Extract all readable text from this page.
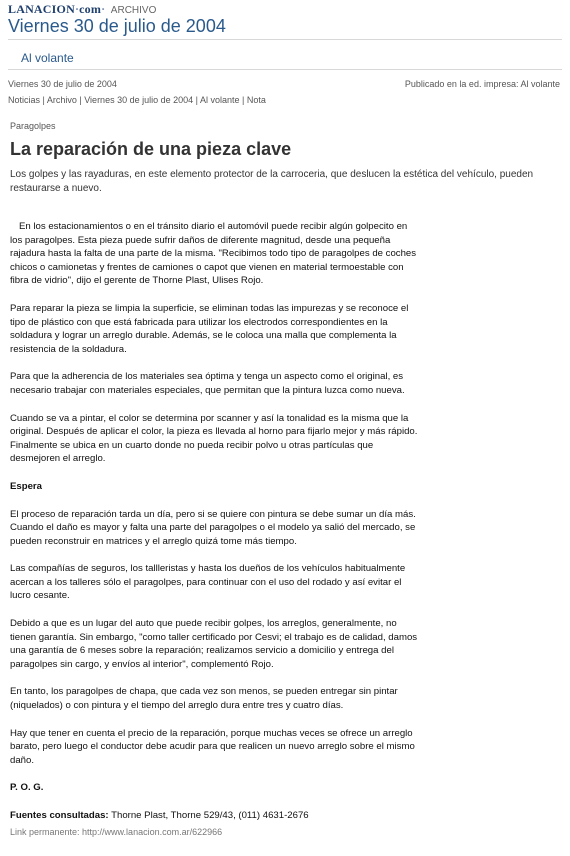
LANACION·com· ARCHIVO
Viernes 30 de julio de 2004
Al volante
Viernes 30 de julio de 2004	Publicado en la ed. impresa: Al volante
Noticias | Archivo | Viernes 30 de julio de 2004 | Al volante | Nota
Paragolpes
La reparación de una pieza clave

Los golpes y las rayaduras, en este elemento protector de la carroceria, que deslucen la estética del vehículo, pueden restaurarse a nuevo.

En los estacionamientos o en el tránsito diario el automóvil puede recibir algún golpecito en los paragolpes. Esta pieza puede sufrir daños de diferente magnitud, desde una pequeña rajadura hasta la falta de una parte de la misma. "Recibimos todo tipo de paragolpes de coches chicos o camionetas y frentes de camiones o capot que vienen en material termoestable con fibra de vidrio", dijo el gerente de Thorne Plast, Ulises Rojo.

Para reparar la pieza se limpia la superficie, se eliminan todas las impurezas y se reconoce el tipo de plástico con que está fabricada para utilizar los electrodos correspondientes en la soldadura y lograr un arreglo durable. Además, se le coloca una malla que complementa la resistencia de la soldadura.

Para que la adherencia de los materiales sea óptima y tenga un aspecto como el original, es necesario trabajar con materiales especiales, que permitan que la pintura luzca como nueva.

Cuando se va a pintar, el color se determina por scanner y así la tonalidad es la misma que la original. Después de aplicar el color, la pieza es llevada al horno para fijarlo mejor y más rápido. Finalmente se ubica en un cuarto donde no pueda recibir polvo u otras partículas que desmejoren el arreglo.

Espera

El proceso de reparación tarda un día, pero si se quiere con pintura se debe sumar un día más. Cuando el daño es mayor y falta una parte del paragolpes o el modelo ya salió del mercado, se pueden reconstruir en matrices y el arreglo quizá tome más tiempo.

Las compañías de seguros, los tallleristas y hasta los dueños de los vehículos habitualmente acercan a los talleres sólo el paragolpes, para continuar con el uso del rodado y así evitar el lucro cesante.

Debido a que es un lugar del auto que puede recibir golpes, los arreglos, generalmente, no tienen garantía. Sin embargo, "como taller certificado por Cesvi; el trabajo es de calidad, damos una garantía de 6 meses sobre la reparación; realizamos servicio a domicilio y entrega del paragolpes sin cargo, y envíos al interior", complementó Rojo.

En tanto, los paragolpes de chapa, que cada vez son menos, se pueden entregar sin pintar (niquelados) o con pintura y el tiempo del arreglo dura entre tres y cuatro días.

Hay que tener en cuenta el precio de la reparación, porque muchas veces se ofrece un arreglo barato, pero luego el conductor debe acudir para que realicen un nuevo arreglo sobre el mismo daño.

P. O. G.

Fuentes consultadas: Thorne Plast, Thorne 529/43, (011) 4631-2676

Link permanente: http://www.lanacion.com.ar/622966
